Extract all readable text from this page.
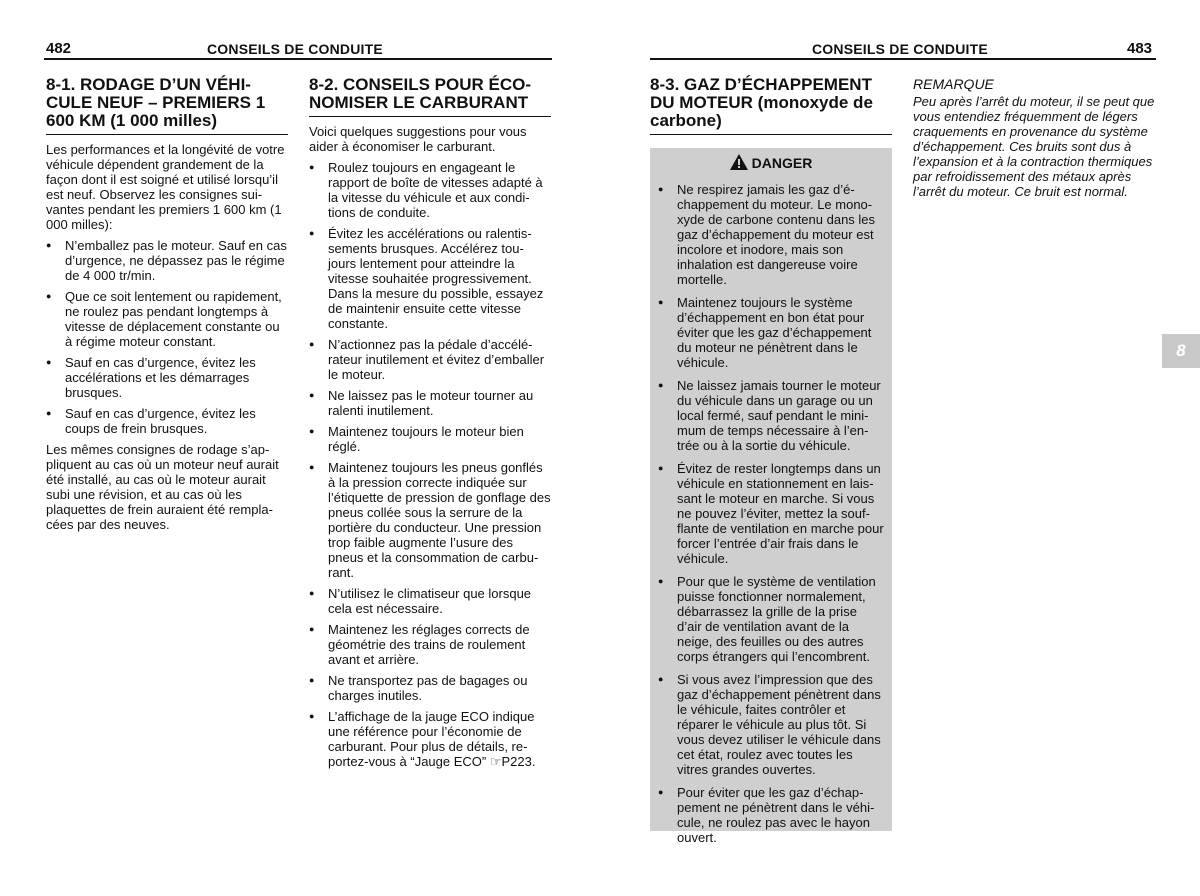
482	CONSEILS DE CONDUITE	CONSEILS DE CONDUITE	483
8-1. RODAGE D’UN VÉHI-CULE NEUF – PREMIERS 1 600 KM (1 000 milles)

Les performances et la longévité de votre véhicule dépendent grandement de la façon dont il est soigné et utilisé lorsqu’il est neuf. Observez les consignes sui-vantes pendant les premiers 1 600 km (1 000 milles):

● N’emballez pas le moteur. Sauf en cas d’urgence, ne dépassez pas le régime de 4 000 tr/min.
● Que ce soit lentement ou rapidement, ne roulez pas pendant longtemps à vitesse de déplacement constante ou à régime moteur constant.
● Sauf en cas d’urgence, évitez les accélérations et les démarrages brusques.
● Sauf en cas d’urgence, évitez les coups de frein brusques.

Les mêmes consignes de rodage s’ap-pliquent au cas où un moteur neuf aurait été installé, au cas où le moteur aurait subi une révision, et au cas où les plaquettes de frein auraient été rempla-cées par des neuves.

8-2. CONSEILS POUR ÉCO-NOMISER LE CARBURANT

Voici quelques suggestions pour vous aider à économiser le carburant.

● Roulez toujours en engageant le rapport de boîte de vitesses adapté à la vitesse du véhicule et aux condi-tions de conduite.
● Évitez les accélérations ou ralentis-sements brusques. Accélérez tou-jours lentement pour atteindre la vitesse souhaitée progressivement. Dans la mesure du possible, essayez de maintenir ensuite cette vitesse constante.
● N’actionnez pas la pédale d’accélé-rateur inutilement et évitez d’emballer le moteur.
● Ne laissez pas le moteur tourner au ralenti inutilement.
● Maintenez toujours le moteur bien réglé.
● Maintenez toujours les pneus gonflés à la pression correcte indiquée sur l’étiquette de pression de gonflage des pneus collée sous la serrure de la portière du conducteur. Une pression trop faible augmente l’usure des pneus et la consommation de carbu-rant.
● N’utilisez le climatiseur que lorsque cela est nécessaire.
● Maintenez les réglages corrects de géométrie des trains de roulement avant et arrière.
● Ne transportez pas de bagages ou charges inutiles.
● L’affichage de la jauge ECO indique une référence pour l’économie de carburant. Pour plus de détails, re-portez-vous à “Jauge ECO” ☞P223.
8-3. GAZ D’ÉCHAPPEMENT DU MOTEUR (monoxyde de carbone)
DANGER
● Ne respirez jamais les gaz d’é-chappement du moteur. Le mono-xyde de carbone contenu dans les gaz d’échappement du moteur est incolore et inodore, mais son inhalation est dangereuse voire mortelle.
● Maintenez toujours le système d’échappement en bon état pour éviter que les gaz d’échappement du moteur ne pénètrent dans le véhicule.
● Ne laissez jamais tourner le moteur du véhicule dans un garage ou un local fermé, sauf pendant le mini-mum de temps nécessaire à l’en-trée ou à la sortie du véhicule.
● Évitez de rester longtemps dans un véhicule en stationnement en lais-sant le moteur en marche. Si vous ne pouvez l’éviter, mettez la souf-flante de ventilation en marche pour forcer l’entrée d’air frais dans le véhicule.
● Pour que le système de ventilation puisse fonctionner normalement, débarrassez la grille de la prise d’air de ventilation avant de la neige, des feuilles ou des autres corps étrangers qui l’encombrent.
● Si vous avez l’impression que des gaz d’échappement pénètrent dans le véhicule, faites contrôler et réparer le véhicule au plus tôt. Si vous devez utiliser le véhicule dans cet état, roulez avec toutes les vitres grandes ouvertes.
● Pour éviter que les gaz d’échap-pement ne pénètrent dans le véhi-cule, ne roulez pas avec le hayon ouvert.
REMARQUE

Peu après l’arrêt du moteur, il se peut que vous entendiez fréquemment de légers craquements en provenance du système d’échappement. Ces bruits sont dus à l’expansion et à la contraction thermiques par refroidissement des métaux après l’arrêt du moteur. Ce bruit est normal.

8
